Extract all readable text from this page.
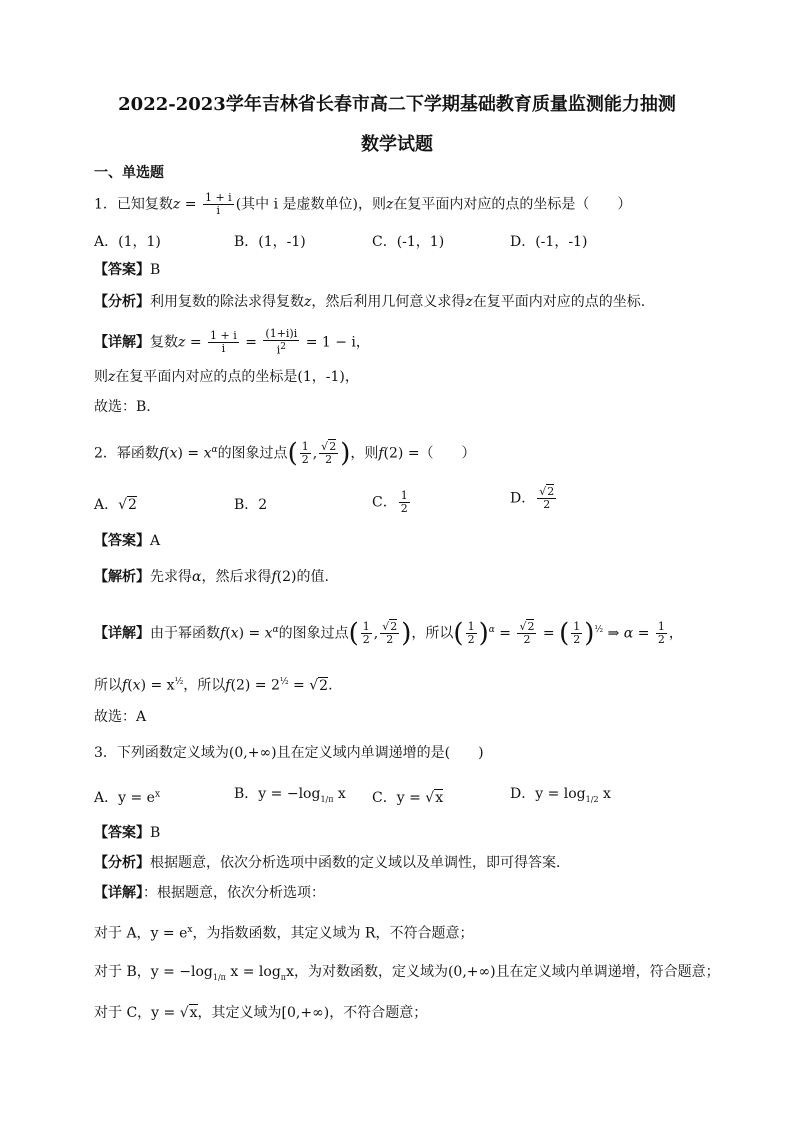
2022-2023学年吉林省长春市高二下学期基础教育质量监测能力抽测
数学试题
一、单选题
1．已知复数$z = \frac{1 + i}{i}$ (其中 i 是虚数单位)，则z在复平面内对应的点的坐标是（　　）
A．(1，1)	B．(1，-1)	C．(-1，1)	D．(-1，-1)
【答案】B
【分析】利用复数的除法求得复数z，然后利用几何意义求得z在复平面内对应的点的坐标.
【详解】复数$z = \frac{1 + i}{i} = \frac{(1+i)i}{i^2} = 1 - i$，
则z在复平面内对应的点的坐标是(1，-1)，
故选：B.
2．幂函数$f(x) = x^\alpha$的图象过点( $\frac{1}{2}$ , $\frac{√2}{2}$ )，则f(2) =（　　）
A．√2	B．2	C． $\frac{1}{2}$	D． $\frac{√2}{2}$
【答案】A
【解析】先求得α，然后求得f(2)的值.
【详解】由于幂函数$f(x) = x^\alpha$的图象过点( $\frac{1}{2}$ , $\frac{√2}{2}$ )，所以( $\frac{1}{2} )^\alpha = \frac{√2}{2}$ = ( $\frac{1}{2} )^{\frac{1}{2}}$ ⇒ $\alpha = \frac{1}{2}$ ，
所以$f(x) = x^{\frac{1}{2}}$，所以$f(2) = 2^{\frac{1}{2}} = √2$.
故选：A
3．下列函数定义域为(0,+∞)且在定义域内单调递增的是(　　)
A．$y = e^x$	B．$y = -\log_{1/\pi}$ x C．y = √x	D．$y = \log_{1/2} x$
【答案】B
【分析】根据题意，依次分析选项中函数的定义域以及单调性，即可得答案．
【详解】：根据题意，依次分析选项：
对于 A，$y = e^x$，为指数函数，其定义域为 R，不符合题意；
对于 B，$y = -\log_{1/\pi}$ $x = \log_\pi x$，为对数函数，定义域为(0,+∞)且在定义域内单调递增，符合题意；
对于 C，y = √x，其定义域为[0,+∞)，不符合题意；
